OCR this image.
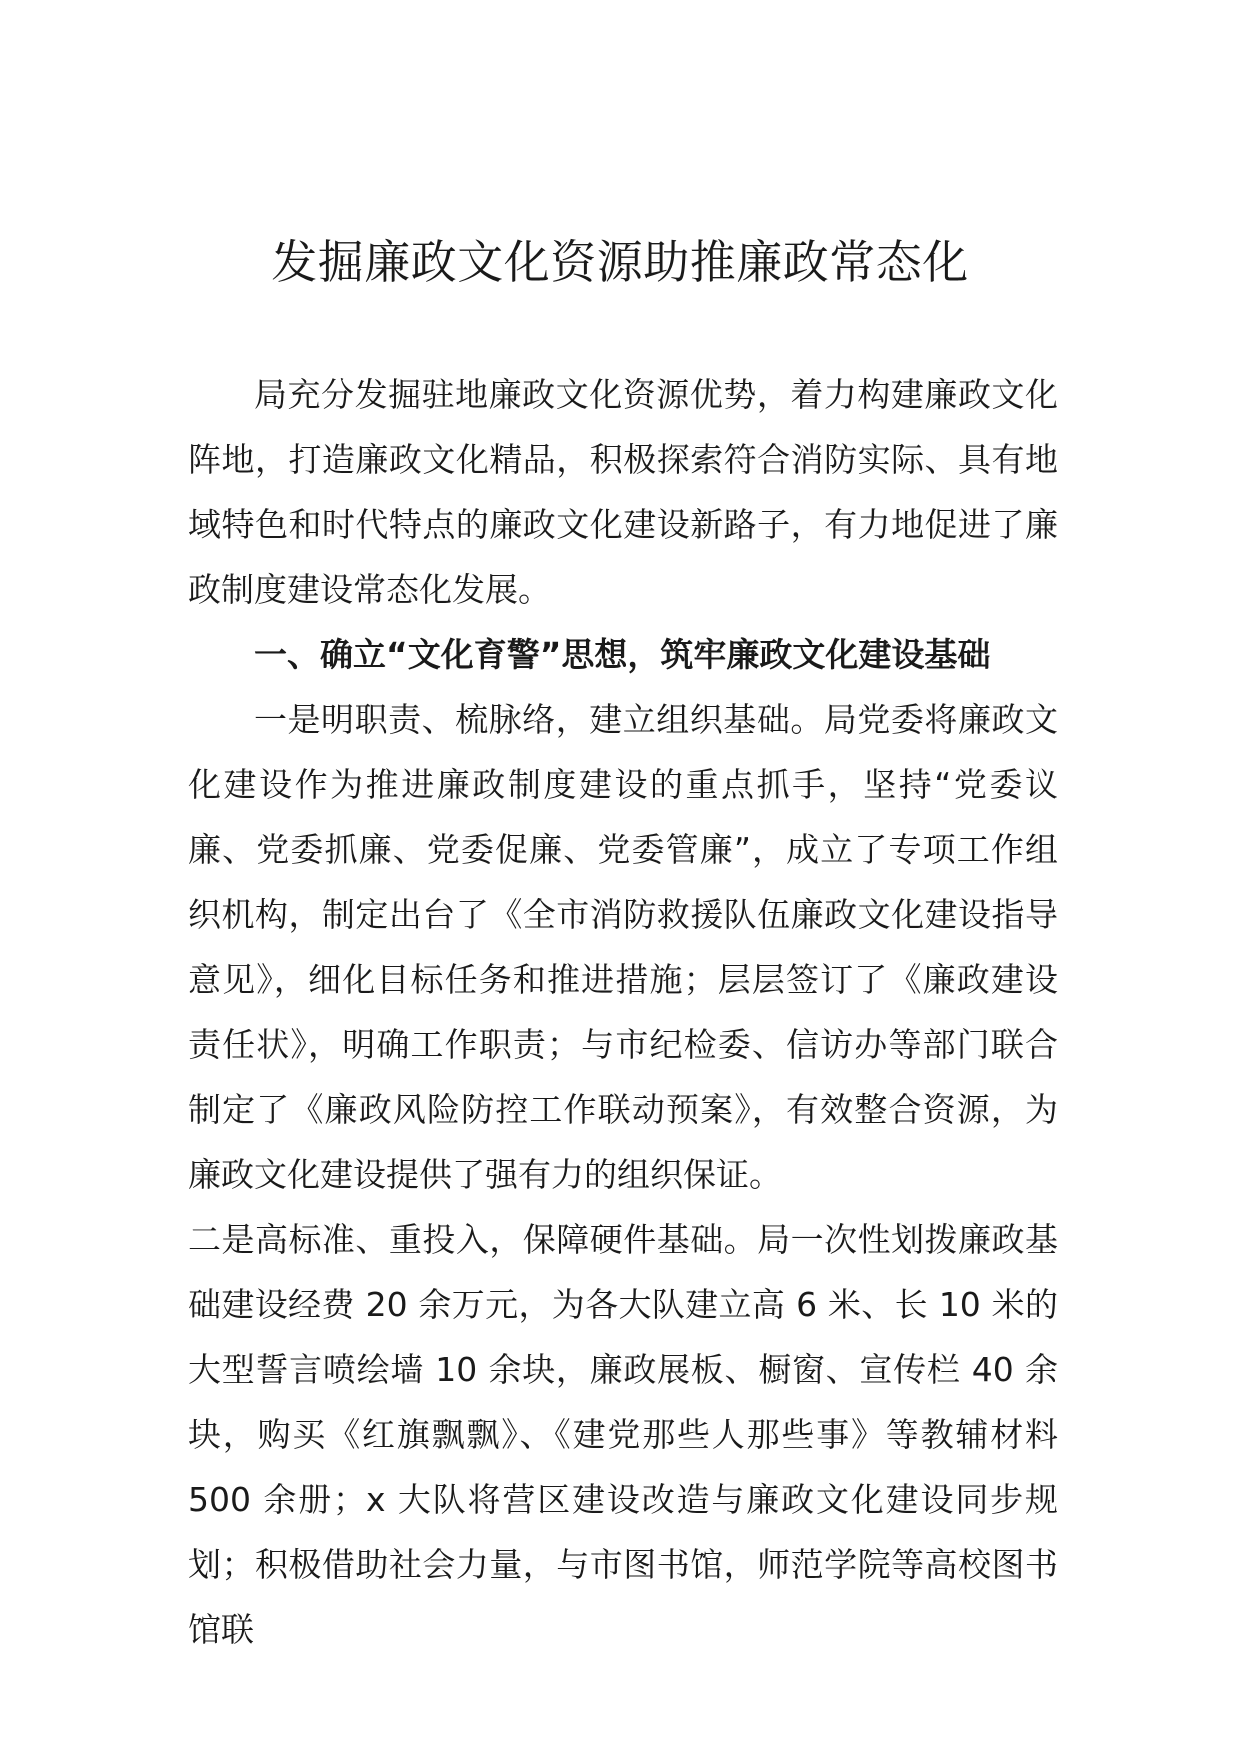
发掘廉政文化资源助推廉政常态化

局充分发掘驻地廉政文化资源优势，着力构建廉政文化阵地，打造廉政文化精品，积极探索符合消防实际、具有地域特色和时代特点的廉政文化建设新路子，有力地促进了廉政制度建设常态化发展。

一、确立“文化育警”思想，筑牢廉政文化建设基础

一是明职责、梳脉络，建立组织基础。局党委将廉政文化建设作为推进廉政制度建设的重点抓手，坚持“党委议廉、党委抓廉、党委促廉、党委管廉”，成立了专项工作组织机构，制定出台了《全市消防救援队伍廉政文化建设指导意见》，细化目标任务和推进措施；层层签订了《廉政建设责任状》，明确工作职责；与市纪检委、信访办等部门联合制定了《廉政风险防控工作联动预案》，有效整合资源，为廉政文化建设提供了强有力的组织保证。

二是高标准、重投入，保障硬件基础。局一次性划拨廉政基础建设经费 20 余万元，为各大队建立高 6 米、长 10 米的大型誓言喷绘墙 10 余块，廉政展板、橱窗、宣传栏 40 余块，购买《红旗飘飘》、《建党那些人那些事》等教辅材料 500 余册；x 大队将营区建设改造与廉政文化建设同步规划；积极借助社会力量，与市图书馆，师范学院等高校图书馆联
